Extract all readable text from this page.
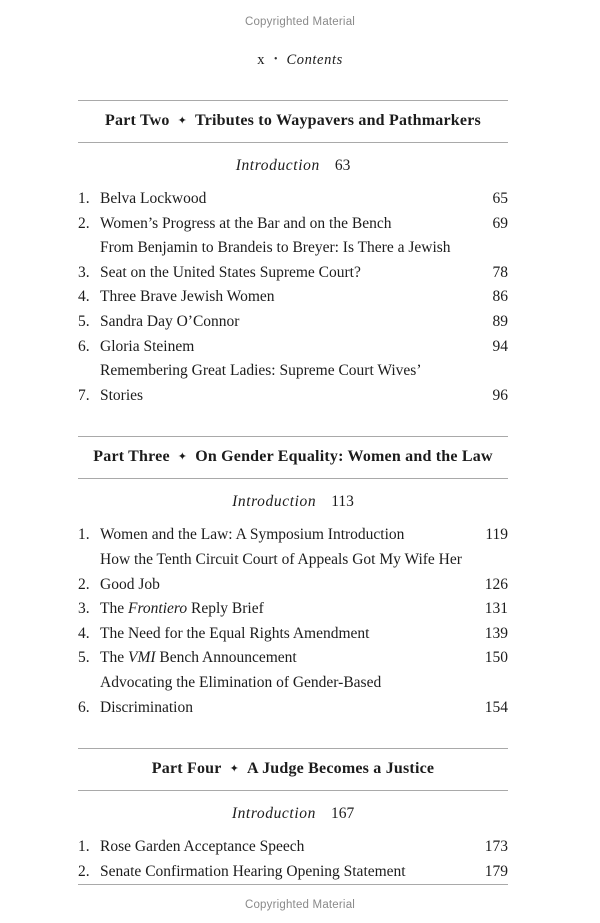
Copyrighted Material
x • Contents
Part Two ✦ Tributes to Waypavers and Pathmarkers
Introduction 63
1. Belva Lockwood	65
2. Women’s Progress at the Bar and on the Bench	69
3.
From Benjamin to Brandeis to Breyer: Is There a Jewish Seat on the United States Supreme Court?	78
4. Three Brave Jewish Women	86
5. Sandra Day O’Connor	89
6. Gloria Steinem	94
7.
Remembering Great Ladies: Supreme Court Wives’ Stories	96
Part Three ✦ On Gender Equality: Women and the Law
Introduction 113
1. Women and the Law: A Symposium Introduction	119
2.
How the Tenth Circuit Court of Appeals Got My Wife Her Good Job	126
3. The Frontiero Reply Brief	131
4. The Need for the Equal Rights Amendment	139
5. The VMI Bench Announcement	150
6.
Advocating the Elimination of Gender-Based Discrimination	154
Part Four ✦ A Judge Becomes a Justice
Introduction 167
1. Rose Garden Acceptance Speech	173
2. Senate Confirmation Hearing Opening Statement	179
Copyrighted Material
